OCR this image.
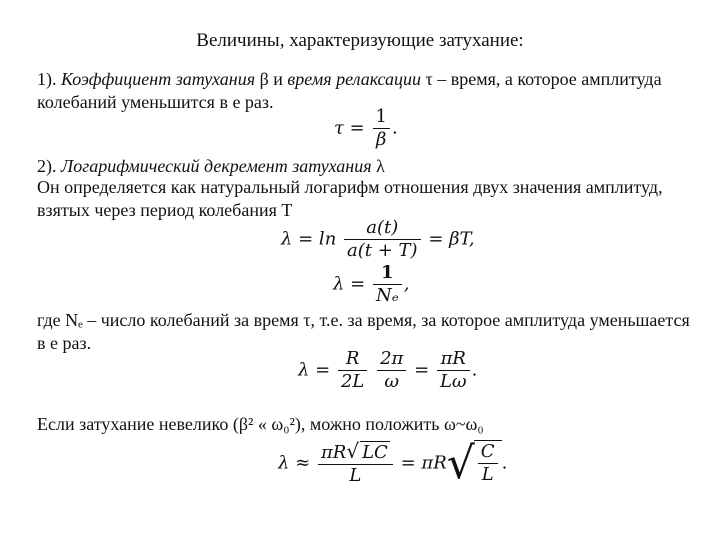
Величины, характеризующие затухание:

1). Коэффициент затухания β и время релаксации τ – время, а которое амплитуда колебаний уменьшится в е раз.

$\tau = \frac{1}{\beta}$ .

2). Логарифмический декремент затухания λ

Он определяется как натуральный логарифм отношения двух значения амплитуд, взятых через период колебания T

$\lambda = \ln \frac{a(t)}{a(t + T)} = \beta T$,
$\lambda = \frac{1}{\text{Nₑ}}$ ,

где Nₑ – число колебаний за время τ, т.е. за время, за которое амплитуда уменьшается в е раз.

$\lambda = \frac{R}{2L}$
$\frac{2\pi}{\omega} = \frac{\pi R}{L\omega}$ .

Если затухание невелико (β² « ω₀²), можно положить ω~ω₀

$\lambda \approx \frac{\pi R√ LC}{L} = \pi R√ \frac{C}{L}$ .
